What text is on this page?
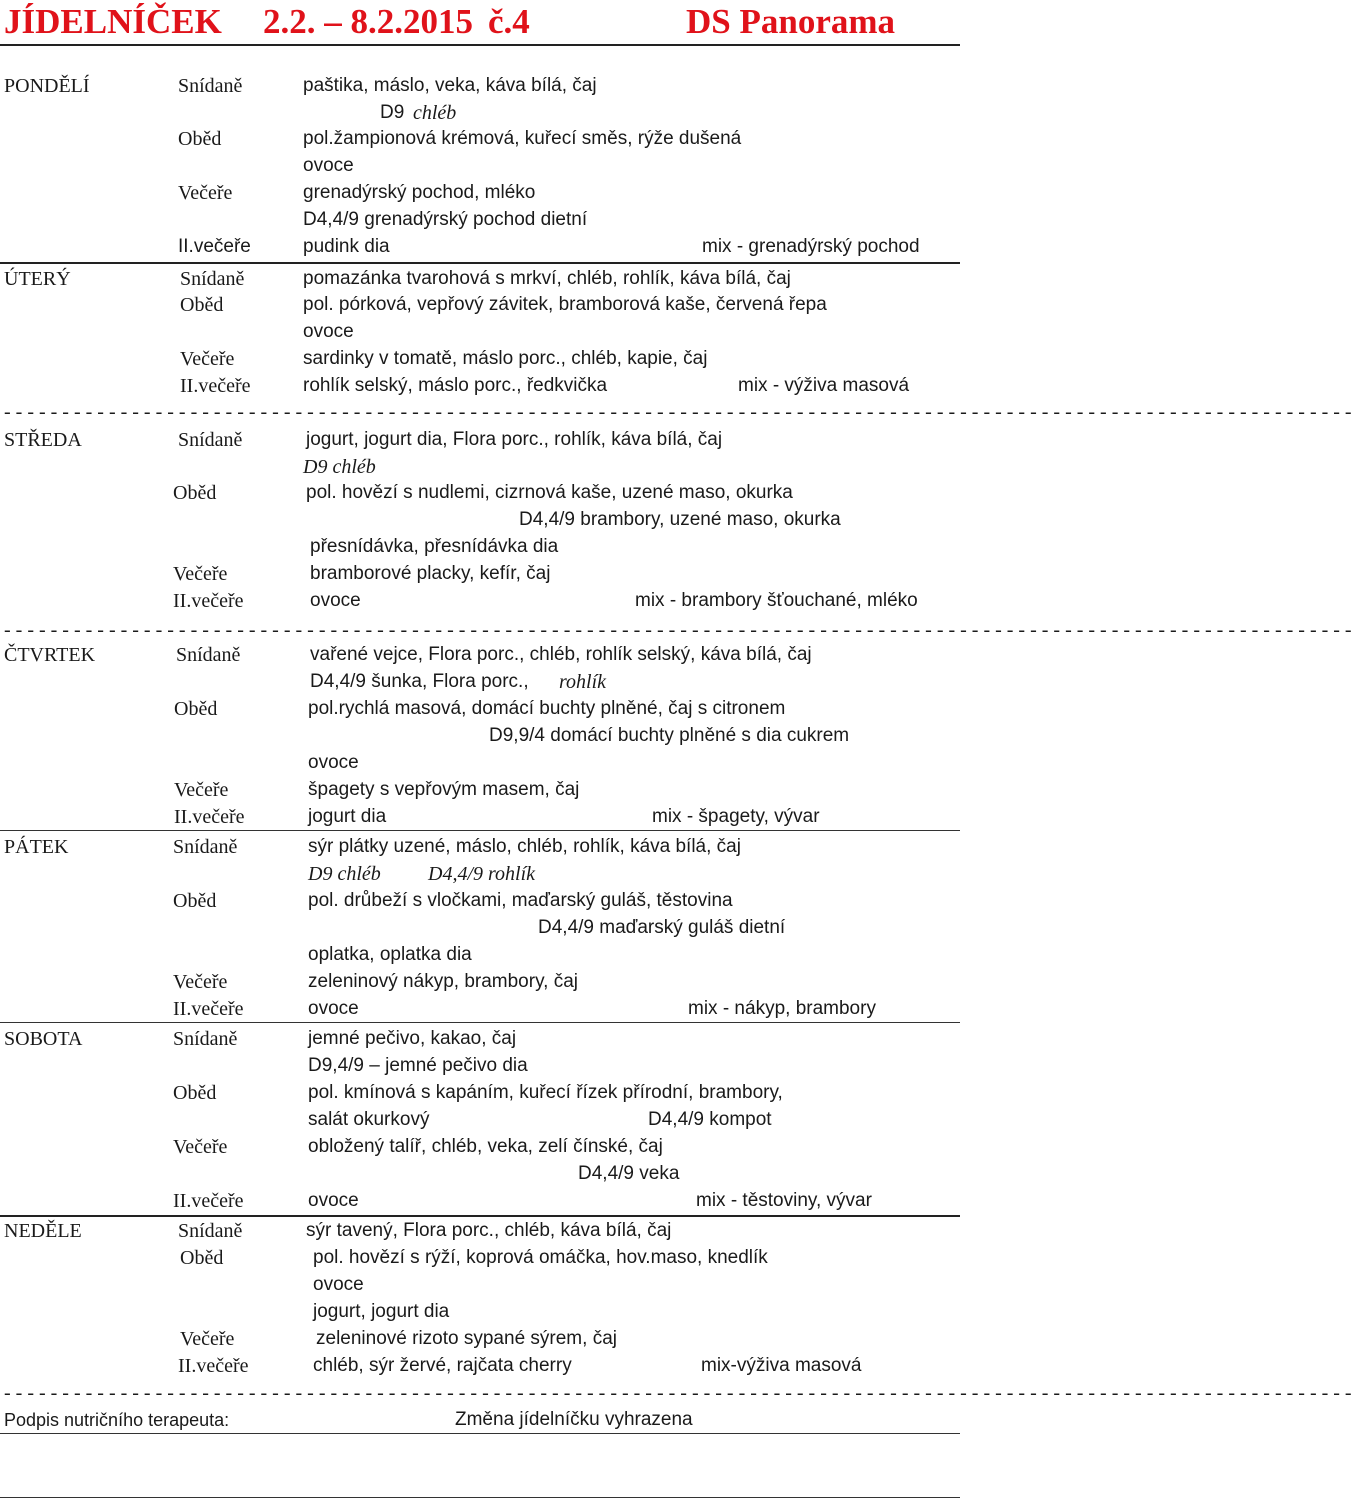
JÍDELNÍČEK 2.2. – 8.2.2015 č.4	DS Panorama
PONDĚLÍ	Snídaně	paštika, máslo, veka, káva bílá, čaj
D9 chléb
Oběd	pol.žampionová krémová, kuřecí směs, rýže dušená
ovoce
Večeře	grenadýrský pochod, mléko
D4,4/9 grenadýrský pochod dietní
II.večeře	pudink dia	mix - grenadýrský pochod
ÚTERÝ	Snídaně	pomazánka tvarohová s mrkví, chléb, rohlík, káva bílá, čaj
Oběd	pol. pórková, vepřový závitek, bramborová kaše, červená řepa
ovoce
Večeře	sardinky v tomatě, máslo porc., chléb, kapie, čaj
II.večeře	rohlík selský, máslo porc., ředkvička	mix - výživa masová
- - - - - - - - - - - - - - - - - - - - - - - - - - - - - - - - - - - - - - - - - - - - - - - - - - - - - - - - - - - - - - - - - - - - - - - - - - - - - - - - - - - - - - - - - - - - - - - - - - - - - - - - - - - - - - - - - - - -
STŘEDA	Snídaně	jogurt, jogurt dia, Flora porc., rohlík, káva bílá, čaj
D9 chléb
Oběd	pol. hovězí s nudlemi, cizrnová kaše, uzené maso, okurka
D4,4/9 brambory, uzené maso, okurka
přesnídávka, přesnídávka dia
Večeře	bramborové placky, kefír, čaj
II.večeře	ovoce	mix - brambory šťouchané, mléko
- - - - - - - - - - - - - - - - - - - - - - - - - - - - - - - - - - - - - - - - - - - - - - - - - - - - - - - - - - - - - - - - - - - - - - - - - - - - - - - - - - - - - - - - - - - - - - - - - - - - - - - - - - - - - - - - - - - -
ČTVRTEK	Snídaně	vařené vejce, Flora porc., chléb, rohlík selský, káva bílá, čaj
D4,4/9 šunka, Flora porc., rohlík
Oběd	pol.rychlá masová, domácí buchty plněné, čaj s citronem
D9,9/4 domácí buchty plněné s dia cukrem
ovoce
Večeře	špagety s vepřovým masem, čaj
II.večeře	jogurt dia	mix - špagety, vývar
PÁTEK	Snídaně	sýr plátky uzené, máslo, chléb, rohlík, káva bílá, čaj
D9 chléb D4,4/9 rohlík
Oběd	pol. drůbeží s vločkami, maďarský guláš, těstovina
D4,4/9 maďarský guláš dietní
oplatka, oplatka dia
Večeře	zeleninový nákyp, brambory, čaj
II.večeře	ovoce	mix - nákyp, brambory
SOBOTA	Snídaně	jemné pečivo, kakao, čaj
D9,4/9 – jemné pečivo dia
Oběd	pol. kmínová s kapáním, kuřecí řízek přírodní, brambory,
salát okurkový	D4,4/9 kompot
Večeře	obložený talíř, chléb, veka, zelí čínské, čaj
D4,4/9 veka
II.večeře	ovoce	mix - těstoviny, vývar
NEDĚLE	Snídaně	sýr tavený, Flora porc., chléb, káva bílá, čaj
Oběd	pol. hovězí s rýží, koprová omáčka, hov.maso, knedlík
ovoce
jogurt, jogurt dia
Večeře	zeleninové rizoto sypané sýrem, čaj
II.večeře	chléb, sýr žervé, rajčata cherry	mix-výživa masová
- - - - - - - - - - - - - - - - - - - - - - - - - - - - - - - - - - - - - - - - - - - - - - - - - - - - - - - - - - - - - - - - - - - - - - - - - - - - - - - - - - - - - - - - - - - - - - - - - - - - - - - - - - - - - - - - - - - -
Podpis nutričního terapeuta:	Změna jídelníčku vyhrazena
